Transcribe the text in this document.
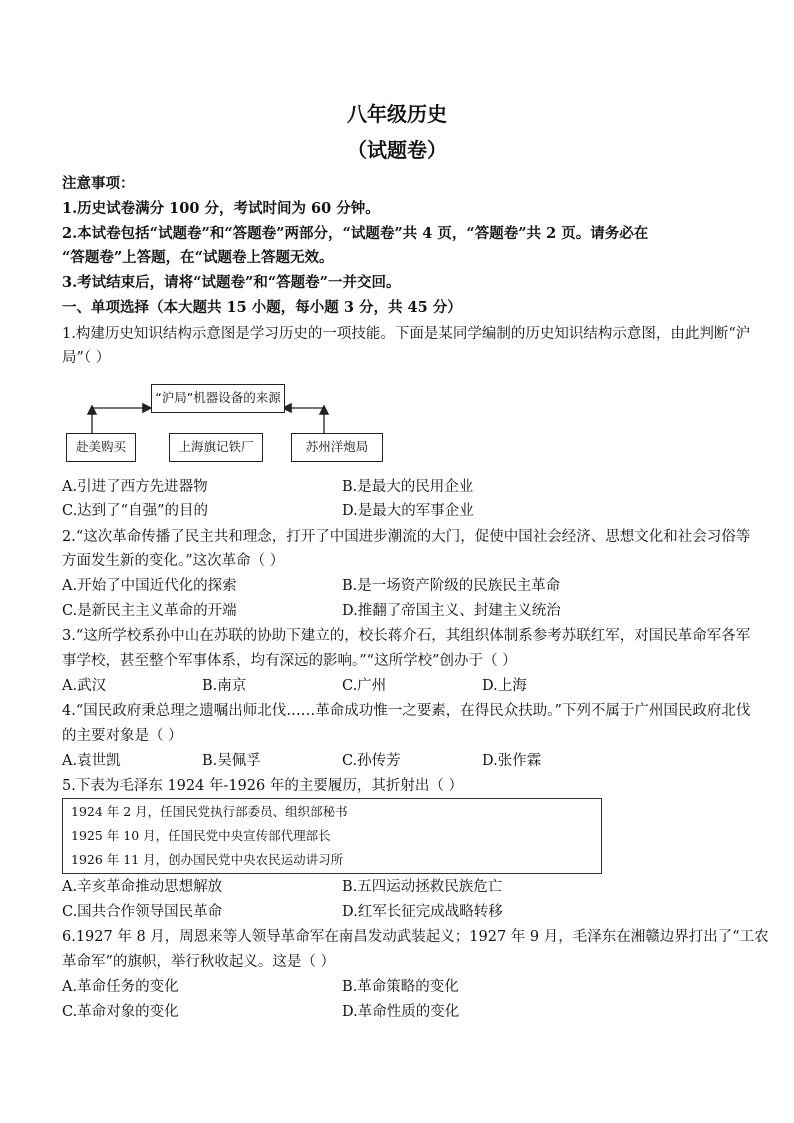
八年级历史
（试题卷）
注意事项：
1.历史试卷满分 100 分，考试时间为 60 分钟。
2.本试卷包括“试题卷”和“答题卷”两部分，“试题卷”共 4 页，“答题卷”共 2 页。请务必在
“答题卷”上答题，在“试题卷上答题无效。
3.考试结束后，请将“试题卷”和“答题卷”一并交回。
一、单项选择（本大题共 15 小题，每小题 3 分，共 45 分）
1.构建历史知识结构示意图是学习历史的一项技能。下面是某同学编制的历史知识结构示意图，由此判断“沪
局”（ ）
“沪局”机器设备的来源
赴美购买	上海旗记铁厂	苏州洋炮局
A.引进了西方先进器物	B.是最大的民用企业
C.达到了“自强”的目的	D.是最大的军事企业
2.“这次革命传播了民主共和理念，打开了中国进步潮流的大门，促使中国社会经济、思想文化和社会习俗等
方面发生新的变化。”这次革命（ ）
A.开始了中国近代化的探索	B.是一场资产阶级的民族民主革命
C.是新民主主义革命的开端	D.推翻了帝国主义、封建主义统治
3.“这所学校系孙中山在苏联的协助下建立的，校长蒋介石，其组织体制系参考苏联红军，对国民革命军各军
事学校，甚至整个军事体系，均有深远的影响。”“这所学校”创办于（ ）
A.武汉	B.南京	C.广州	D.上海
4.“国民政府秉总理之遗嘱出师北伐……革命成功惟一之要素，在得民众扶助。”下列不属于广州国民政府北伐
的主要对象是（ ）
A.袁世凯	B.吴佩孚	C.孙传芳	D.张作霖
5.下表为毛泽东 1924 年-1926 年的主要履历，其折射出（ ）
1924 年 2 月，任国民党执行部委员、组织部秘书
1925 年 10 月，任国民党中央宣传部代理部长
1926 年 11 月，创办国民党中央农民运动讲习所
A.辛亥革命推动思想解放	B.五四运动拯救民族危亡
C.国共合作领导国民革命	D.红军长征完成战略转移
6.1927 年 8 月，周恩来等人领导革命军在南昌发动武装起义；1927 年 9 月，毛泽东在湘赣边界打出了“工农
革命军”的旗帜，举行秋收起义。这是（ ）
A.革命任务的变化	B.革命策略的变化
C.革命对象的变化	D.革命性质的变化
